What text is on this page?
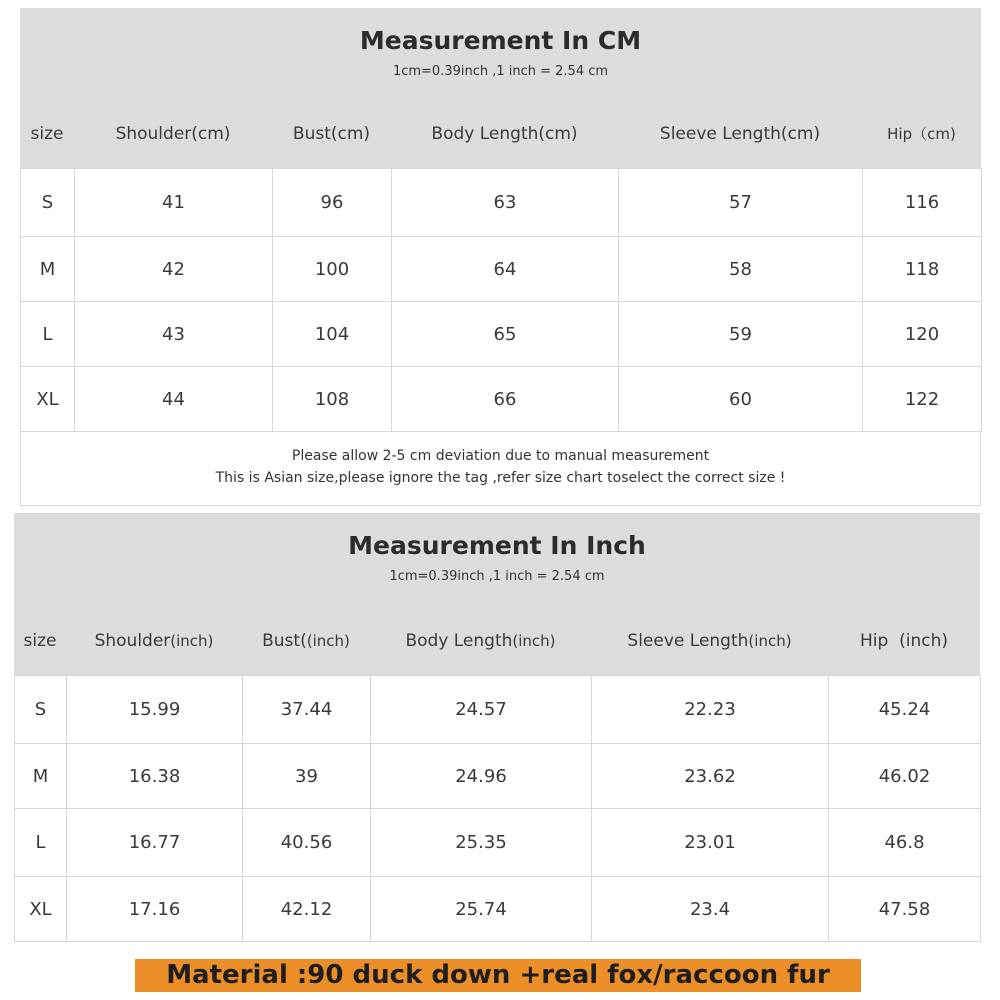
Measurement In CM
1cm=0.39inch ,1 inch = 2.54 cm
size	Shoulder(cm)	Bust(cm)	Body Length(cm)	Sleeve Length(cm)	Hip（cm)
S	41	96	63	57	116
M	42	100	64	58	118
L	43	104	65	59	120
XL	44	108	66	60	122
Please allow 2-5 cm deviation due to manual measurement
This is Asian size,please ignore the tag ,refer size chart toselect the correct size !
Measurement In Inch
1cm=0.39inch ,1 inch = 2.54 cm
size	Shoulder(inch)	Bust((inch)	Body Length(inch)	Sleeve Length(inch)	Hip  (inch)
S	15.99	37.44	24.57	22.23	45.24
M	16.38	39	24.96	23.62	46.02
L	16.77	40.56	25.35	23.01	46.8
XL	17.16	42.12	25.74	23.4	47.58
Material :90 duck down +real fox/raccoon fur
